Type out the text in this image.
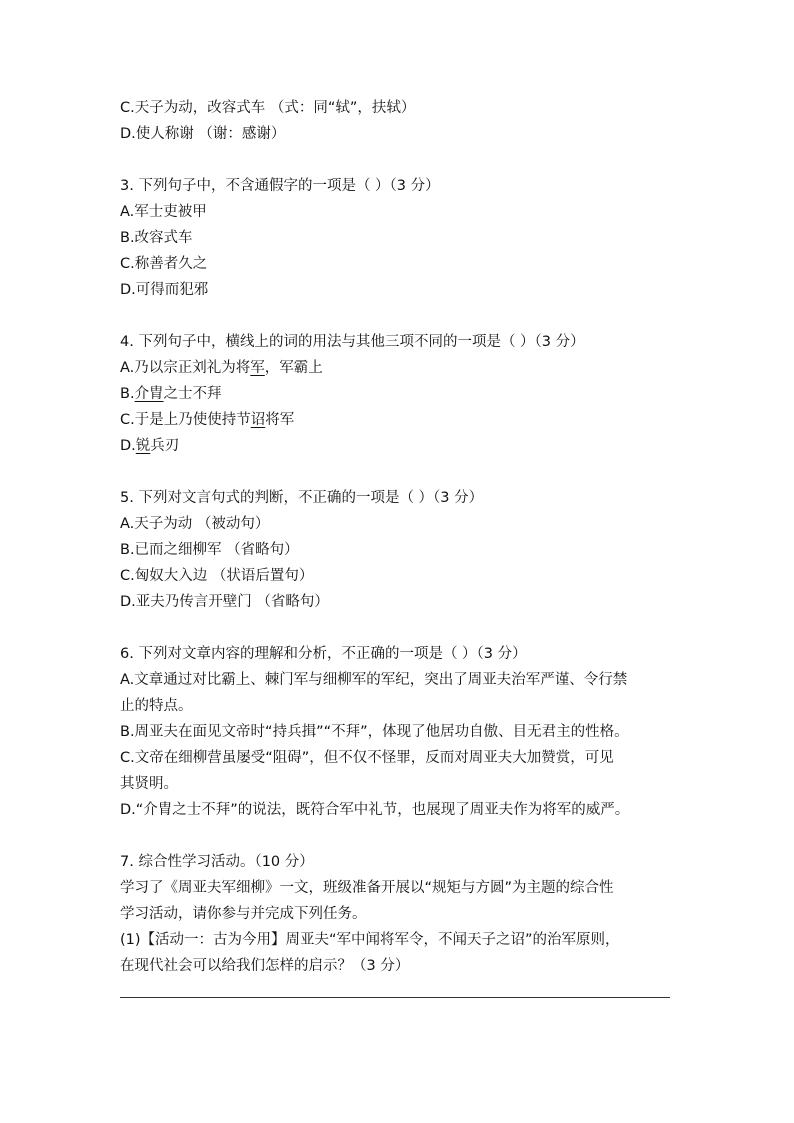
C.天子为动，改容式车 （式：同“轼”，扶轼）
D.使人称谢 （谢：感谢）
3. 下列句子中，不含通假字的一项是（ ）（3 分）
A.军士吏被甲
B.改容式车
C.称善者久之
D.可得而犯邪
4. 下列句子中，横线上的词的用法与其他三项不同的一项是（ ）（3 分）
A.乃以宗正刘礼为将军，军霸上
B.介胄之士不拜
C.于是上乃使使持节诏将军
D.锐兵刃
5. 下列对文言句式的判断，不正确的一项是（ ）（3 分）
A.天子为动 （被动句）
B.已而之细柳军 （省略句）
C.匈奴大入边 （状语后置句）
D.亚夫乃传言开壁门 （省略句）
6. 下列对文章内容的理解和分析，不正确的一项是（ ）（3 分）
A.文章通过对比霸上、棘门军与细柳军的军纪，突出了周亚夫治军严谨、令行禁
止的特点。
B.周亚夫在面见文帝时“持兵揖”“不拜”，体现了他居功自傲、目无君主的性格。
C.文帝在细柳营虽屡受“阻碍”，但不仅不怪罪，反而对周亚夫大加赞赏，可见
其贤明。
D.“介胄之士不拜”的说法，既符合军中礼节，也展现了周亚夫作为将军的威严。
7. 综合性学习活动。（10 分）
学习了《周亚夫军细柳》一文，班级准备开展以“规矩与方圆”为主题的综合性
学习活动，请你参与并完成下列任务。
(1)【活动一：古为今用】周亚夫“军中闻将军令，不闻天子之诏”的治军原则，
在现代社会可以给我们怎样的启示？（3 分）
